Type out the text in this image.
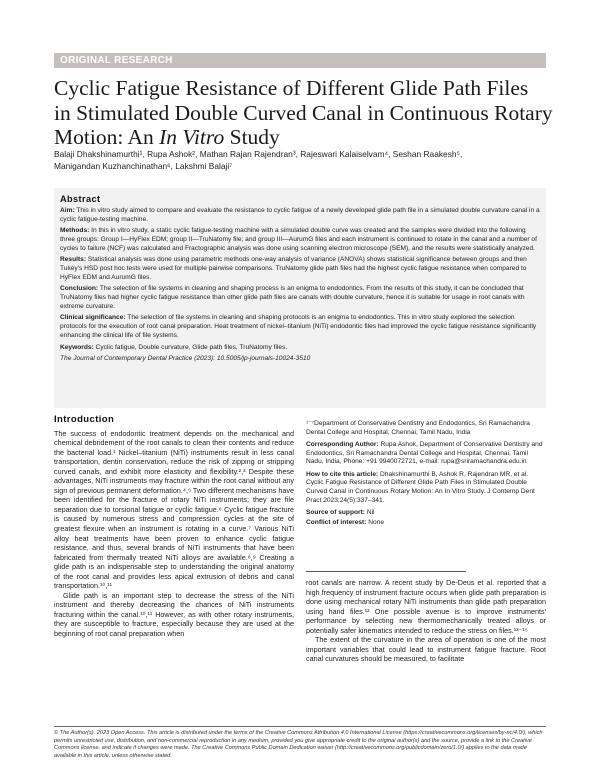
ORIGINAL RESEARCH
Cyclic Fatigue Resistance of Different Glide Path Files
in Stimulated Double Curved Canal in Continuous Rotary
Motion: An In Vitro Study
Balaji Dhakshinamurthi¹, Rupa Ashok², Mathan Rajan Rajendran³, Rajeswari Kalaiselvam⁴, Seshan Raakesh⁵,
Manigandan Kuzhanchinathan⁶, Lakshmi Balaji⁷
Abstract

Aim: This in vitro study aimed to compare and evaluate the resistance to cyclic fatigue of a newly developed glide path file in a simulated double curvature canal in a cyclic fatigue-testing machine.

Methods: In this in vitro study, a static cyclic fatigue-testing machine with a simulated double curve was created and the samples were divided into the following three groups: Group I—HyFlex EDM; group II—TruNatomy file; and group III—AurumG files and each instrument is continued to rotate in the canal and a number of cycles to failure (NCF) was calculated and Fractographic analysis was done using scanning electron microscope (SEM), and the results were statistically analyzed.

Results: Statistical analysis was done using parametric methods one-way analysis of variance (ANOVA) shows statistical significance between groups and then Tukey's HSD post hoc tests were used for multiple pairwise comparisons. TruNatomy glide path files had the highest cyclic fatigue resistance when compared to HyFlex EDM and AurumG files.

Conclusion: The selection of file systems in cleaning and shaping process is an enigma to endodontics. From the results of this study, it can be concluded that TruNatomy files had higher cyclic fatigue resistance than other glide path files are canals with double curvature, hence it is suitable for usage in root canals with extreme curvature.

Clinical significance: The selection of file systems in cleaning and shaping protocols is an enigma to endodontics. This in vitro study explored the selection protocols for the execution of root canal preparation. Heat treatment of nickel–titanium (NiTi) endodontic files had improved the cyclic fatigue resistance significantly enhancing the clinical life of file systems.

Keywords: Cyclic fatigue, Double curvature, Glide path files, TruNatomy files.

The Journal of Contemporary Dental Practice (2023): 10.5005/jp-journals-10024-3510

Introduction

The success of endodontic treatment depends on the mechanical and chemical debridement of the root canals to clean their contents and reduce the bacterial load.¹ Nickel–titanium (NiTi) instruments result in less canal transportation, dentin conservation, reduce the risk of zipping or stripping curved canals, and exhibit more elasticity and flexibility.²,³ Despite these advantages, NiTi instruments may fracture within the root canal without any sign of previous permanent deformation.⁴,⁵ Two different mechanisms have been identified for the fracture of rotary NiTi instruments; they are file separation due to torsional fatigue or cyclic fatigue.⁶ Cyclic fatigue fracture is caused by numerous stress and compression cycles at the site of greatest flexure when an instrument is rotating in a curve.⁷ Various NiTi alloy heat treatments have been proven to enhance cyclic fatigue resistance, and thus, several brands of NiTi instruments that have been fabricated from thermally treated NiTi alloys are available.⁸,⁹ Creating a glide path is an indispensable step to understanding the original anatomy of the root canal and provides less apical extrusion of debris and canal transportation.¹⁰,¹¹

Glide path is an important step to decrease the stress of the NiTi instrument and thereby decreasing the chances of NiTi instruments fracturing within the canal.¹⁰,¹¹ However, as with other rotary instruments, they are susceptible to fracture, especially because they are used at the beginning of root canal preparation when

¹⁻⁷Department of Conservative Dentistry and Endodontics, Sri Ramachandra Dental College and Hospital, Chennai, Tamil Nadu, India

Corresponding Author: Rupa Ashok, Department of Conservative Dentistry and Endodontics, Sri Ramachandra Dental College and Hospital, Chennai, Tamil Nadu, India, Phone: +91 9940072721, e-mail: rupa@sriramachandra.edu.in

How to cite this article: Dhakshinamurthi B, Ashok R, Rajendran MR, et al. Cyclic Fatigue Resistance of Different Glide Path Files in Stimulated Double Curved Canal in Continuous Rotary Motion: An In Vitro Study. J Contemp Dent Pract 2023;24(5):337–341.

Source of support: Nil

Conflict of interest: None

root canals are narrow. A recent study by De-Deus et al. reported that a high frequency of instrument fracture occurs when glide path preparation is done using mechanical rotary NiTi instruments than glide path preparation using hand files.¹² One possible avenue is to improve instruments' performance by selecting new thermomechanically treated alloys or potentially safer kinematics intended to reduce the stress on files.¹³⁻¹⁵

The extent of the curvature in the area of operation is one of the most important variables that could lead to instrument fatigue fracture. Root canal curvatures should be measured, to facilitate

© The Author(s). 2023 Open Access. This article is distributed under the terms of the Creative Commons Attribution 4.0 International License (https://creativecommons.org/licenses/by-nc/4.0/), which permits unrestricted use, distribution, and non-commercial reproduction in any medium, provided you give appropriate credit to the original author(s) and the source, provide a link to the Creative Commons license, and indicate if changes were made. The Creative Commons Public Domain Dedication waiver (http://creativecommons.org/publicdomain/zero/1.0/) applies to the data made available in this article, unless otherwise stated.
